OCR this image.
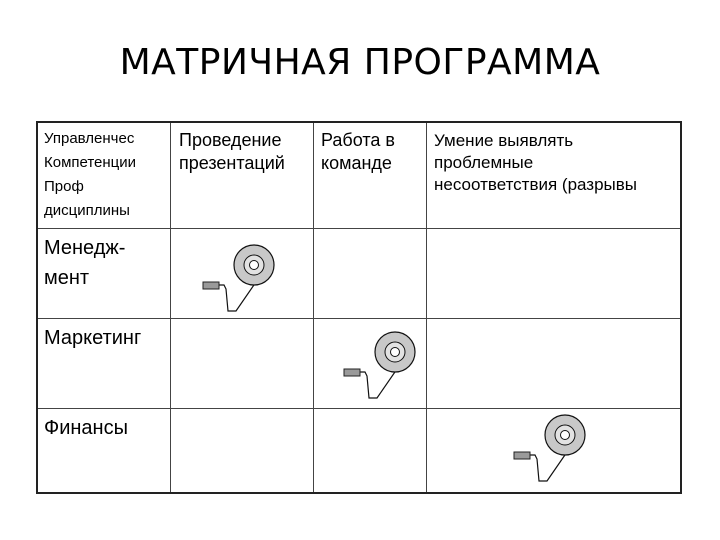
МАТРИЧНАЯ ПРОГРАММА
Управленчес
Компетенции
Проф
дисциплины
Проведение
презентаций
Работа в
команде
Умение выявлять
проблемные
несоответствия (разрывы
Менедж-
мент
Маркетинг
Финансы
